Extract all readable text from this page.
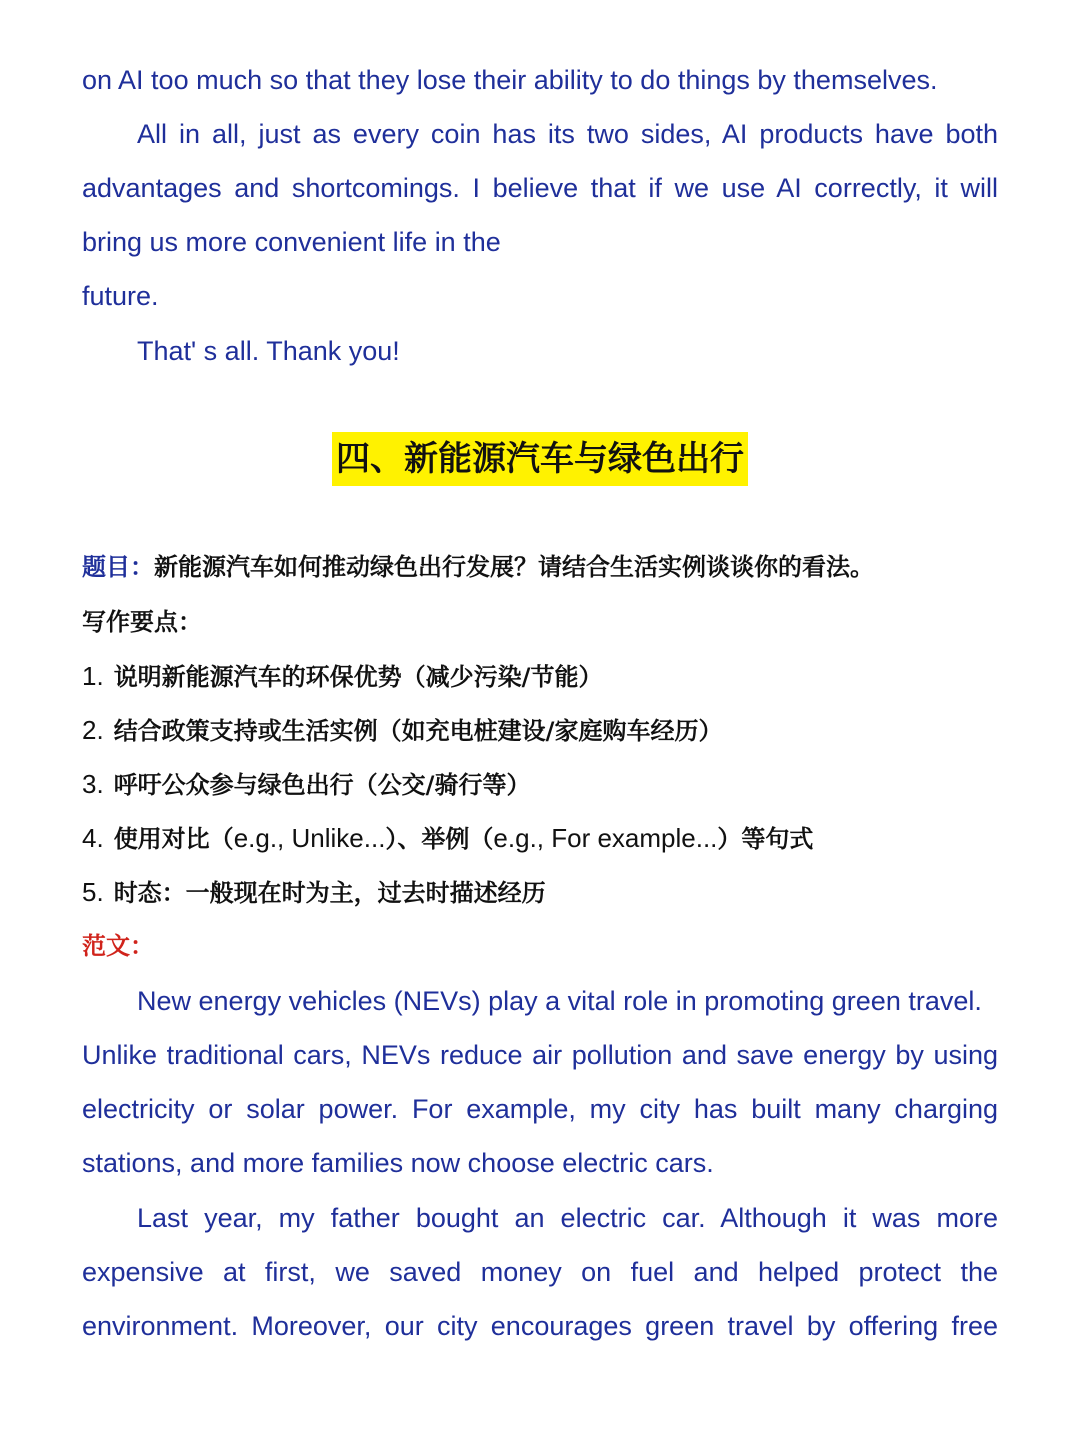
on AI too much so that they lose their ability to do things by themselves.
All in all, just as every coin has its two sides, AI products have both
advantages and shortcomings. I believe that if we use AI correctly, it will
bring us more convenient life in the
future.
That' s all. Thank you!
四、新能源汽车与绿色出行
题目：新能源汽车如何推动绿色出行发展？请结合生活实例谈谈你的看法。
写作要点：
1. 说明新能源汽车的环保优势（减少污染/节能）
2. 结合政策支持或生活实例（如充电桩建设/家庭购车经历）
3. 呼吁公众参与绿色出行（公交/骑行等）
4. 使用对比（e.g., Unlike...）、举例（e.g., For example...）等句式
5. 时态：一般现在时为主，过去时描述经历
范文：
New energy vehicles (NEVs) play a vital role in promoting green travel.
Unlike traditional cars, NEVs reduce air pollution and save energy by using
electricity or solar power. For example, my city has built many charging
stations, and more families now choose electric cars.
Last year, my father bought an electric car. Although it was more
expensive at first, we saved money on fuel and helped protect the
environment. Moreover, our city encourages green travel by offering free
